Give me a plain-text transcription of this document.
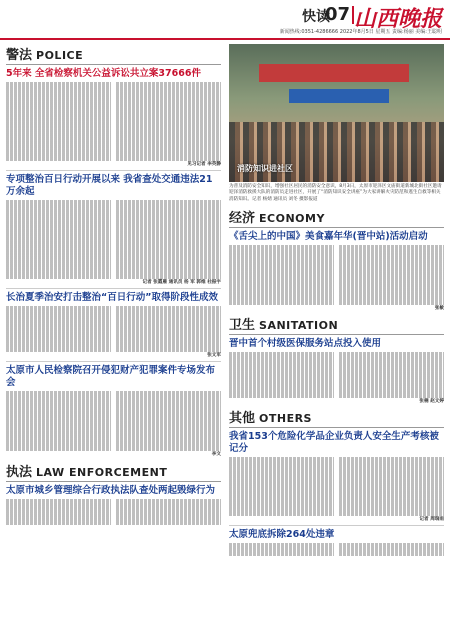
快读
07 山西晚报
新闻热线:0351-4286666 2022年8月5日 星期五 责编:杨丽 美编:王聪明
警法 POLICE
5年来 全省检察机关公益诉讼共立案37666件
见习记者 李英静
专项整治百日行动开展以来 我省查处交通违法21万余起
记者 张霞雁 通讯员 杨 军 郭维 杜振宇
长治夏季治安打击整治“百日行动”取得阶段性成效
张文军
太原市人民检察院召开侵犯财产犯罪案件专场发布会
李文
执法 LAW ENFORCEMENT
太原市城乡管理综合行政执法队查处两起毁绿行为
消防知识进社区
为普及消防安全知识，增强社区居民的消防安全意识，8月3日，太原市迎泽区文庙街道新城北街社区邀请迎泽消防救援大队的消防员走进社区，开展了“消防知识安全讲座”为大家讲解火灾防范和逃生自救等相关消防知识。记者 杨婧 通讯员 刘冬 摄影报道
经济 ECONOMY
《舌尖上的中国》美食嘉年华(晋中站)活动启动
张敏
卫生 SANITATION
晋中首个村级医保服务站点投入使用
张楠 赵文婷
其他 OTHERS
我省153个危险化学品企业负责人安全生产考核被记分
记者 周瑞雨
太原兜底拆除264处违章
